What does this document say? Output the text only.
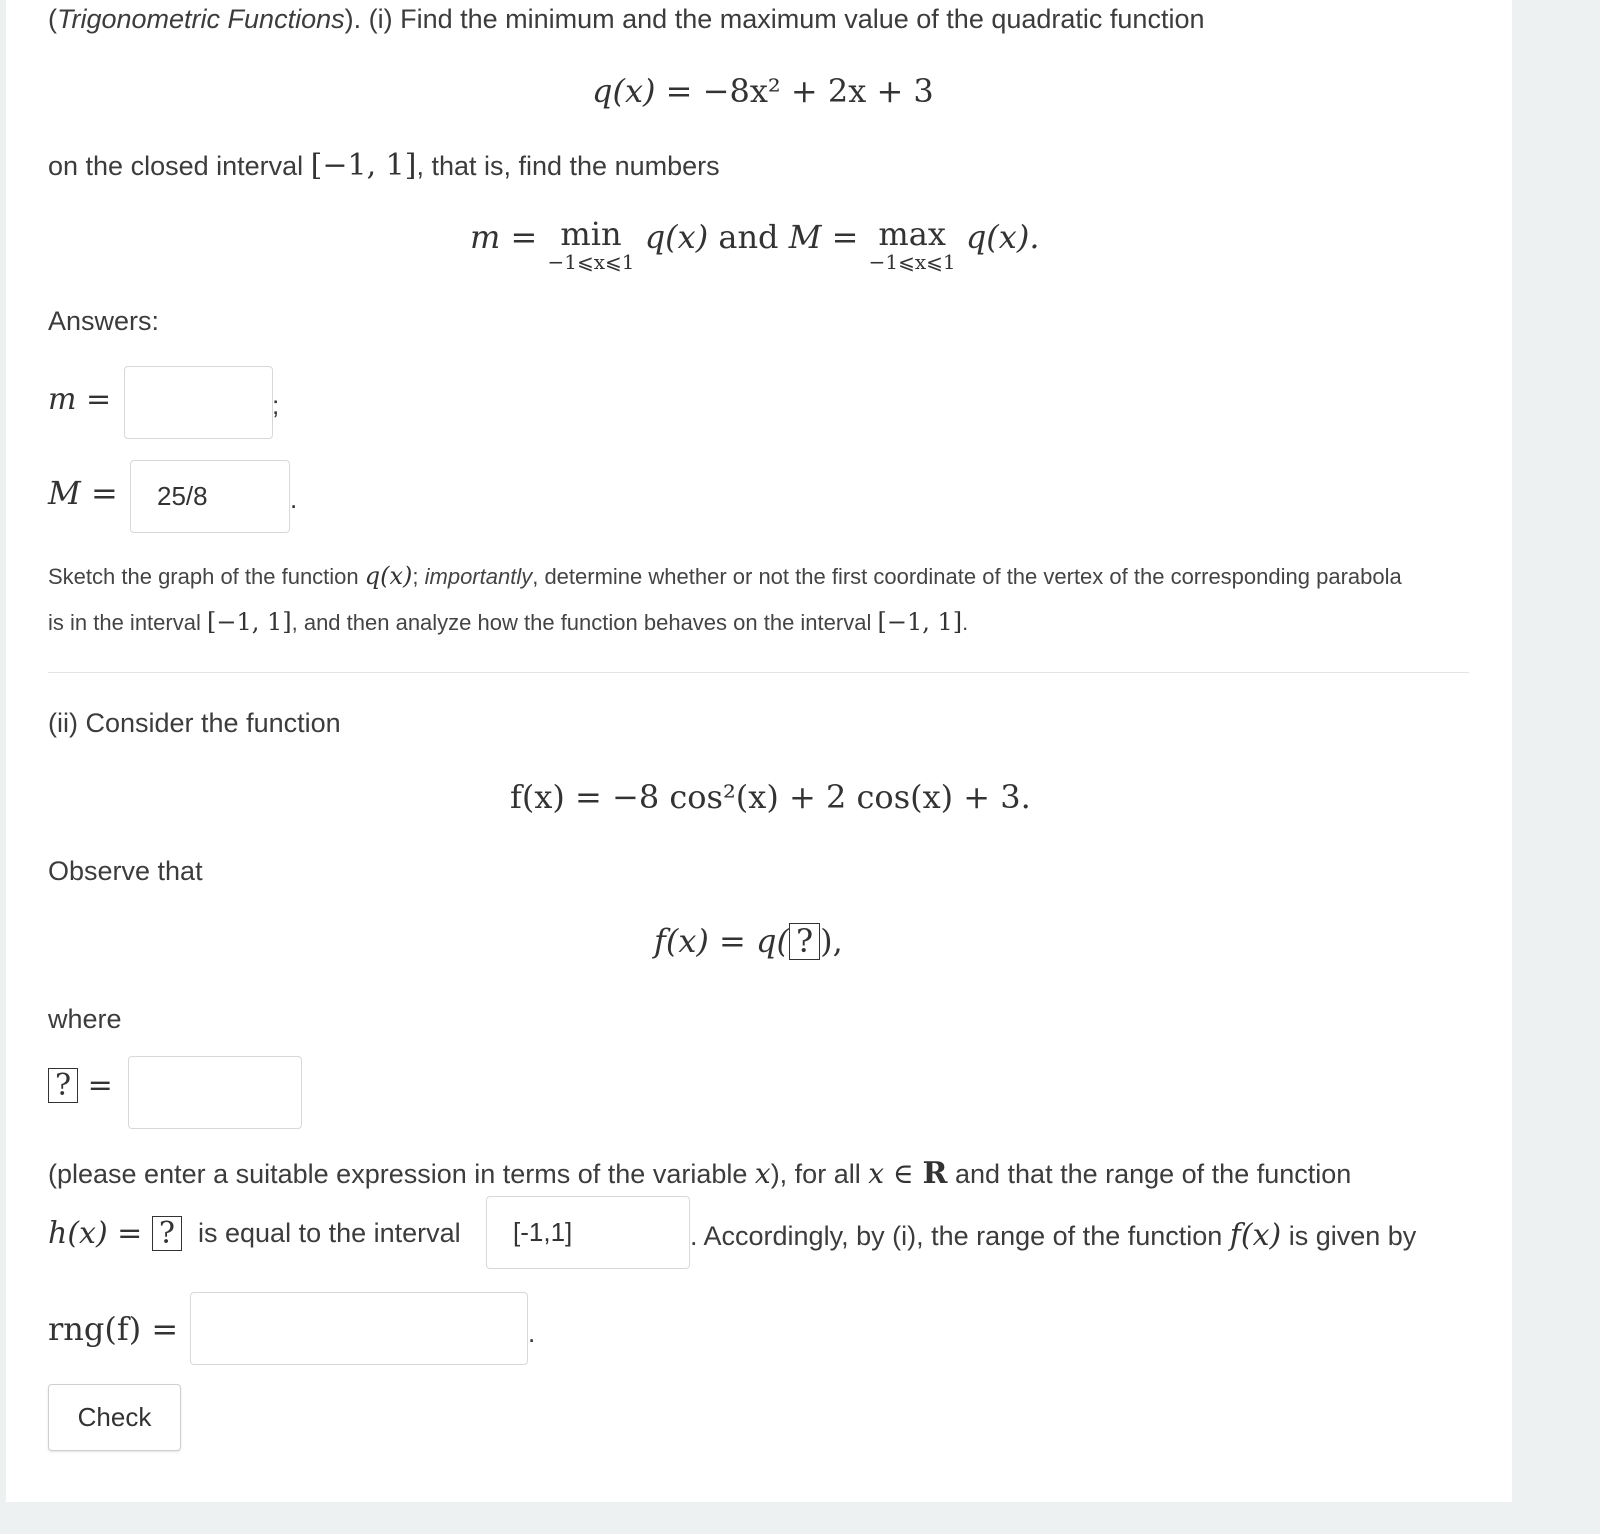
(Trigonometric Functions). (i) Find the minimum and the maximum value of the quadratic function
q(x) = −8x² + 2x + 3
on the closed interval [−1, 1], that is, find the numbers
m = min
−1⩽x⩽1
q(x) and M = max
−1⩽x⩽1
q(x).
Answers:
m =	;
M =
25/8	.
Sketch the graph of the function q(x); importantly, determine whether or not the first coordinate of the vertex of the corresponding parabola
is in the interval [−1, 1], and then analyze how the function behaves on the interval [−1, 1].
(ii) Consider the function
f(x) = −8 cos²(x) + 2 cos(x) + 3.
Observe that
f(x) = q( ? ),
where
? =
(please enter a suitable expression in terms of the variable x), for all x ∈ R and that the range of the function
h(x) = ? is equal to the interval
[-1,1]	. Accordingly, by (i), the range of the function f(x) is given by
rng(f) =	.
Check
